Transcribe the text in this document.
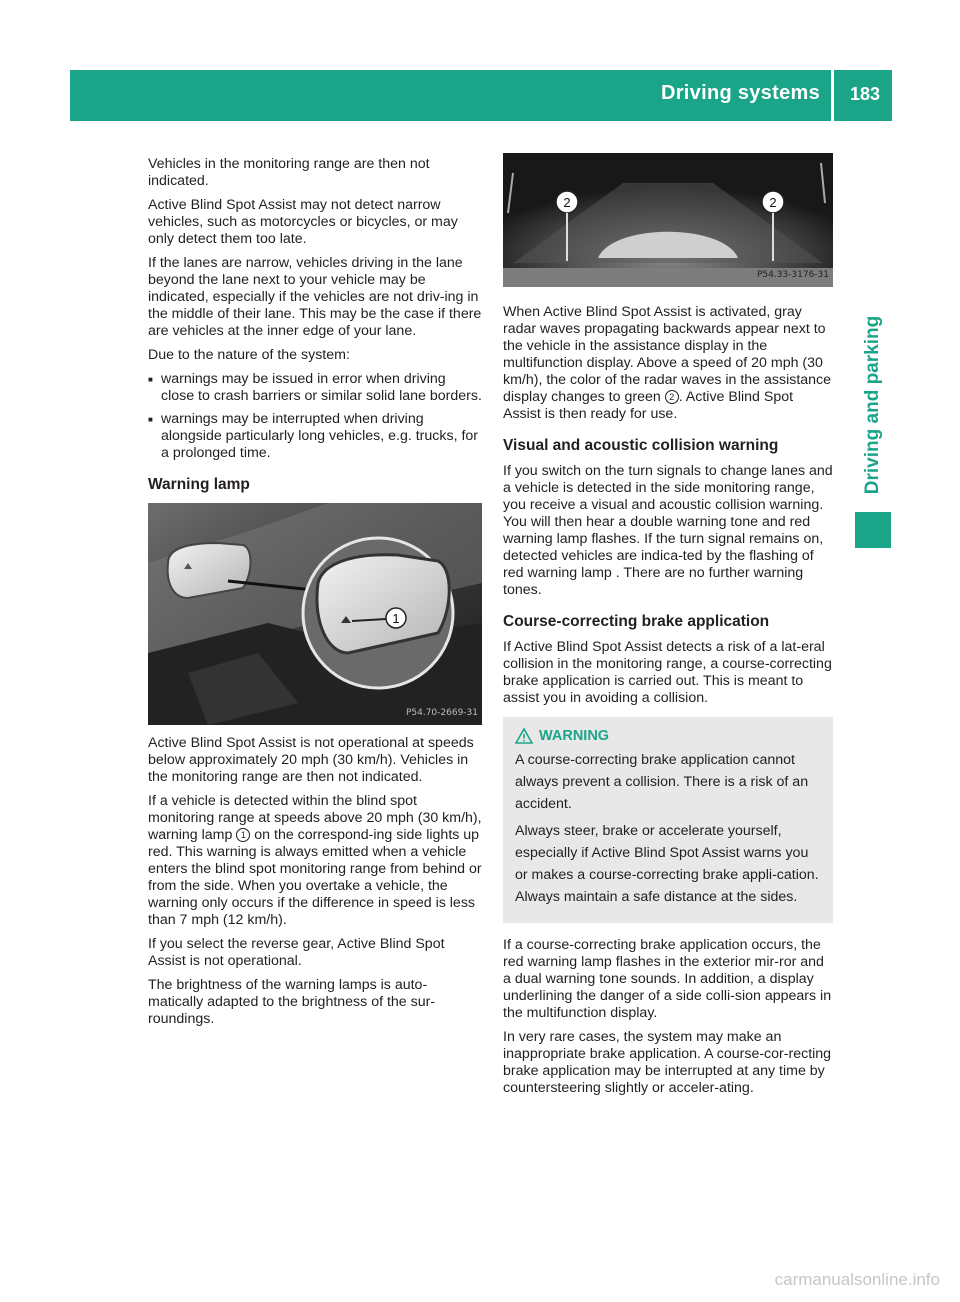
Driving systems	183
Driving and parking

Vehicles in the monitoring range are then not indicated.

Active Blind Spot Assist may not detect narrow vehicles, such as motorcycles or bicycles, or may only detect them too late.

If the lanes are narrow, vehicles driving in the lane beyond the lane next to your vehicle may be indicated, especially if the vehicles are not driv-ing in the middle of their lane. This may be the case if there are vehicles at the inner edge of your lane.

Due to the nature of the system:

■ warnings may be issued in error when driving close to crash barriers or similar solid lane borders.
■ warnings may be interrupted when driving alongside particularly long vehicles, e.g. trucks, for a prolonged time.
Warning lamp
1
P54.70-2669-31

Active Blind Spot Assist is not operational at speeds below approximately 20 mph (30 km/h). Vehicles in the monitoring range are then not indicated.

If a vehicle is detected within the blind spot monitoring range at speeds above 20 mph (30 km/h), warning lamp 1 on the correspond-ing side lights up red. This warning is always emitted when a vehicle enters the blind spot monitoring range from behind or from the side. When you overtake a vehicle, the warning only occurs if the difference in speed is less than 7 mph (12 km/h).

If you select the reverse gear, Active Blind Spot Assist is not operational.

The brightness of the warning lamps is auto-matically adapted to the brightness of the sur-roundings.

2	2
P54.33-3176-31

When Active Blind Spot Assist is activated, gray radar waves propagating backwards appear next to the vehicle in the assistance display in the multifunction display. Above a speed of 20 mph (30 km/h), the color of the radar waves in the assistance display changes to green 2 . Active Blind Spot Assist is then ready for use.

Visual and acoustic collision warning

If you switch on the turn signals to change lanes and a vehicle is detected in the side monitoring range, you receive a visual and acoustic collision warning. You will then hear a double warning tone and red warning lamp flashes. If the turn signal remains on, detected vehicles are indica-ted by the flashing of red warning lamp . There are no further warning tones.

Course-correcting brake application

If Active Blind Spot Assist detects a risk of a lat-eral collision in the monitoring range, a course-correcting brake application is carried out. This is meant to assist you in avoiding a collision.

WARNING

A course-correcting brake application cannot always prevent a collision. There is a risk of an accident.

Always steer, brake or accelerate yourself, especially if Active Blind Spot Assist warns you or makes a course-correcting brake appli-cation. Always maintain a safe distance at the sides.

If a course-correcting brake application occurs, the red warning lamp flashes in the exterior mir-ror and a dual warning tone sounds. In addition, a display underlining the danger of a side colli-sion appears in the multifunction display.

In very rare cases, the system may make an inappropriate brake application. A course-cor-recting brake application may be interrupted at any time by countersteering slightly or acceler-ating.

carmanualsonline.info
